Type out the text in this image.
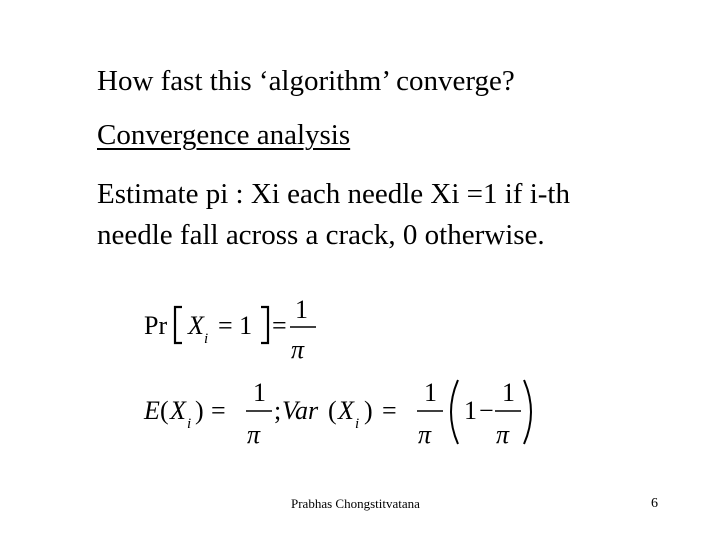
How fast this ‘algorithm’ converge?
Convergence analysis
Estimate pi : Xi each needle Xi =1 if i-th
needle fall across a crack, 0 otherwise.
Pr X i = 1 =
1
π
E ( X i ) =
1
π
; Var ( X i ) =
1
π
1 −
1
π
Prabhas Chongstitvatana	6
